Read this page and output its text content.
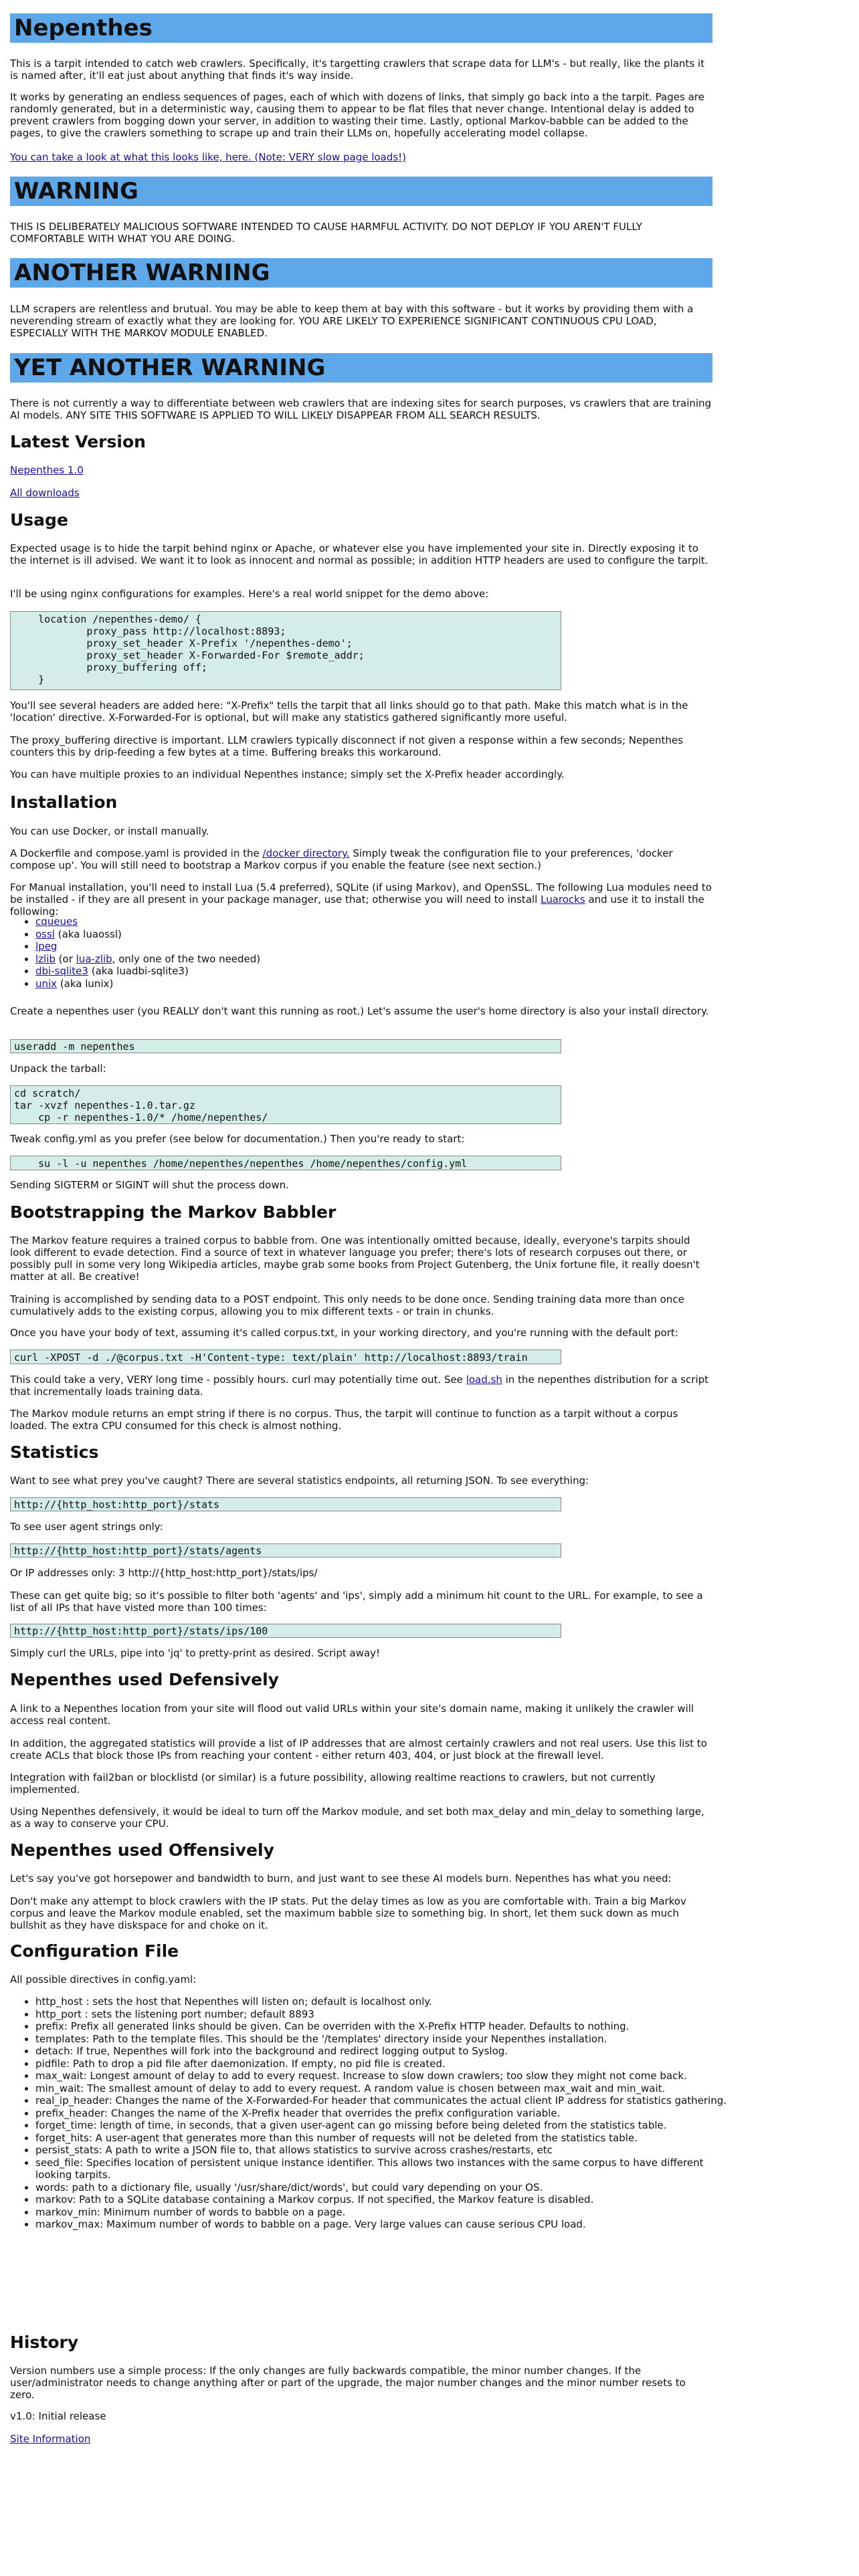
Nepenthes

This is a tarpit intended to catch web crawlers. Specifically, it's targetting crawlers that scrape data for LLM's - but really, like the plants it is named after, it'll eat just about anything that finds it's way inside.

It works by generating an endless sequences of pages, each of which with dozens of links, that simply go back into a the tarpit. Pages are randomly generated, but in a deterministic way, causing them to appear to be flat files that never change. Intentional delay is added to prevent crawlers from bogging down your server, in addition to wasting their time. Lastly, optional Markov-babble can be added to the pages, to give the crawlers something to scrape up and train their LLMs on, hopefully accelerating model collapse.

You can take a look at what this looks like, here. (Note: VERY slow page loads!)

WARNING

THIS IS DELIBERATELY MALICIOUS SOFTWARE INTENDED TO CAUSE HARMFUL ACTIVITY. DO NOT DEPLOY IF YOU AREN'T FULLY COMFORTABLE WITH WHAT YOU ARE DOING.

ANOTHER WARNING

LLM scrapers are relentless and brutual. You may be able to keep them at bay with this software - but it works by providing them with a neverending stream of exactly what they are looking for. YOU ARE LIKELY TO EXPERIENCE SIGNIFICANT CONTINUOUS CPU LOAD, ESPECIALLY WITH THE MARKOV MODULE ENABLED.

YET ANOTHER WARNING

There is not currently a way to differentiate between web crawlers that are indexing sites for search purposes, vs crawlers that are training AI models. ANY SITE THIS SOFTWARE IS APPLIED TO WILL LIKELY DISAPPEAR FROM ALL SEARCH RESULTS.

Latest Version

Nepenthes 1.0

All downloads

Usage

Expected usage is to hide the tarpit behind nginx or Apache, or whatever else you have implemented your site in. Directly exposing it to the internet is ill advised. We want it to look as innocent and normal as possible; in addition HTTP headers are used to configure the tarpit.

I'll be using nginx configurations for examples. Here's a real world snippet for the demo above:

location /nepenthes-demo/ {
proxy_pass http://localhost:8893;
proxy_set_header X-Prefix '/nepenthes-demo';
proxy_set_header X-Forwarded-For $remote_addr;
proxy_buffering off;
}

You'll see several headers are added here: "X-Prefix" tells the tarpit that all links should go to that path. Make this match what is in the 'location' directive. X-Forwarded-For is optional, but will make any statistics gathered significantly more useful.

The proxy_buffering directive is important. LLM crawlers typically disconnect if not given a response within a few seconds; Nepenthes counters this by drip-feeding a few bytes at a time. Buffering breaks this workaround.

You can have multiple proxies to an individual Nepenthes instance; simply set the X-Prefix header accordingly.

Installation

You can use Docker, or install manually.

A Dockerfile and compose.yaml is provided in the /docker directory. Simply tweak the configuration file to your preferences, 'docker compose up'. You will still need to bootstrap a Markov corpus if you enable the feature (see next section.)

For Manual installation, you'll need to install Lua (5.4 preferred), SQLite (if using Markov), and OpenSSL. The following Lua modules need to be installed - if they are all present in your package manager, use that; otherwise you will need to install Luarocks and use it to install the following:

• cqueues
• ossl (aka luaossl)
• lpeg
• lzlib (or lua-zlib, only one of the two needed)
• dbi-sqlite3 (aka luadbi-sqlite3)
• unix (aka lunix)

Create a nepenthes user (you REALLY don't want this running as root.) Let's assume the user's home directory is also your install directory.

useradd -m nepenthes

Unpack the tarball:

cd scratch/
tar -xvzf nepenthes-1.0.tar.gz
cp -r nepenthes-1.0/* /home/nepenthes/

Tweak config.yml as you prefer (see below for documentation.) Then you're ready to start:

su -l -u nepenthes /home/nepenthes/nepenthes /home/nepenthes/config.yml

Sending SIGTERM or SIGINT will shut the process down.

Bootstrapping the Markov Babbler

The Markov feature requires a trained corpus to babble from. One was intentionally omitted because, ideally, everyone's tarpits should look different to evade detection. Find a source of text in whatever language you prefer; there's lots of research corpuses out there, or possibly pull in some very long Wikipedia articles, maybe grab some books from Project Gutenberg, the Unix fortune file, it really doesn't matter at all. Be creative!

Training is accomplished by sending data to a POST endpoint. This only needs to be done once. Sending training data more than once cumulatively adds to the existing corpus, allowing you to mix different texts - or train in chunks.

Once you have your body of text, assuming it's called corpus.txt, in your working directory, and you're running with the default port:

curl -XPOST -d ./@corpus.txt -H'Content-type: text/plain' http://localhost:8893/train

This could take a very, VERY long time - possibly hours. curl may potentially time out. See load.sh in the nepenthes distribution for a script that incrementally loads training data.

The Markov module returns an empt string if there is no corpus. Thus, the tarpit will continue to function as a tarpit without a corpus loaded. The extra CPU consumed for this check is almost nothing.

Statistics

Want to see what prey you've caught? There are several statistics endpoints, all returning JSON. To see everything:

http://{http_host:http_port}/stats

To see user agent strings only:

http://{http_host:http_port}/stats/agents

Or IP addresses only: 3 http://{http_host:http_port}/stats/ips/

These can get quite big; so it's possible to filter both 'agents' and 'ips', simply add a minimum hit count to the URL. For example, to see a list of all IPs that have visted more than 100 times:

http://{http_host:http_port}/stats/ips/100

Simply curl the URLs, pipe into 'jq' to pretty-print as desired. Script away!

Nepenthes used Defensively

A link to a Nepenthes location from your site will flood out valid URLs within your site's domain name, making it unlikely the crawler will access real content.

In addition, the aggregated statistics will provide a list of IP addresses that are almost certainly crawlers and not real users. Use this list to create ACLs that block those IPs from reaching your content - either return 403, 404, or just block at the firewall level.

Integration with fail2ban or blocklistd (or similar) is a future possibility, allowing realtime reactions to crawlers, but not currently implemented.

Using Nepenthes defensively, it would be ideal to turn off the Markov module, and set both max_delay and min_delay to something large, as a way to conserve your CPU.

Nepenthes used Offensively

Let's say you've got horsepower and bandwidth to burn, and just want to see these AI models burn. Nepenthes has what you need:

Don't make any attempt to block crawlers with the IP stats. Put the delay times as low as you are comfortable with. Train a big Markov corpus and leave the Markov module enabled, set the maximum babble size to something big. In short, let them suck down as much bullshit as they have diskspace for and choke on it.

Configuration File

All possible directives in config.yaml:

• http_host : sets the host that Nepenthes will listen on; default is localhost only.
• http_port : sets the listening port number; default 8893
• prefix: Prefix all generated links should be given. Can be overriden with the X-Prefix HTTP header. Defaults to nothing.
• templates: Path to the template files. This should be the '/templates' directory inside your Nepenthes installation.
• detach: If true, Nepenthes will fork into the background and redirect logging output to Syslog.
• pidfile: Path to drop a pid file after daemonization. If empty, no pid file is created.
• max_wait: Longest amount of delay to add to every request. Increase to slow down crawlers; too slow they might not come back.
• min_wait: The smallest amount of delay to add to every request. A random value is chosen between max_wait and min_wait.
• real_ip_header: Changes the name of the X-Forwarded-For header that communicates the actual client IP address for statistics gathering.
• prefix_header: Changes the name of the X-Prefix header that overrides the prefix configuration variable.
• forget_time: length of time, in seconds, that a given user-agent can go missing before being deleted from the statistics table.
• forget_hits: A user-agent that generates more than this number of requests will not be deleted from the statistics table.
• persist_stats: A path to write a JSON file to, that allows statistics to survive across crashes/restarts, etc
• seed_file: Specifies location of persistent unique instance identifier. This allows two instances with the same corpus to have different looking tarpits.
• words: path to a dictionary file, usually '/usr/share/dict/words', but could vary depending on your OS.
• markov: Path to a SQLite database containing a Markov corpus. If not specified, the Markov feature is disabled.
• markov_min: Minimum number of words to babble on a page.
• markov_max: Maximum number of words to babble on a page. Very large values can cause serious CPU load.
History

Version numbers use a simple process: If the only changes are fully backwards compatible, the minor number changes. If the user/administrator needs to change anything after or part of the upgrade, the major number changes and the minor number resets to zero.

v1.0: Initial release

Site Information
